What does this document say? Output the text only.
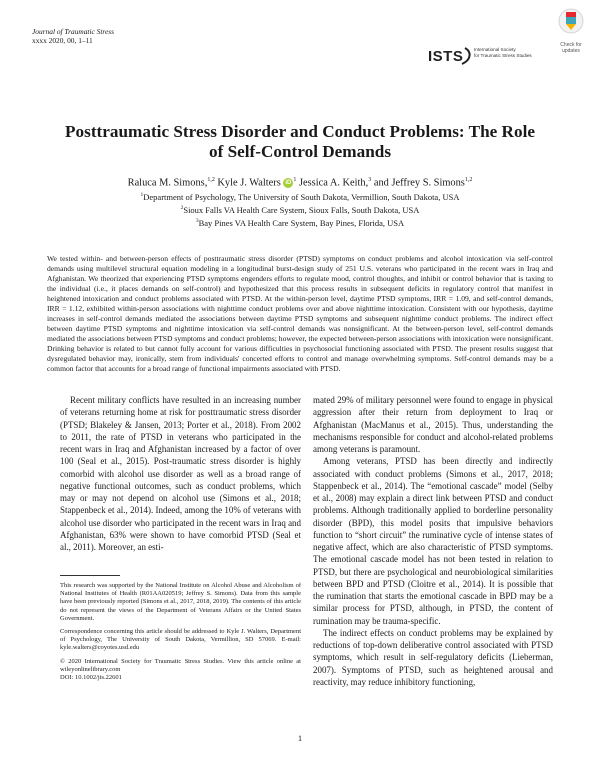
Journal of Traumatic Stress
xxxx 2020, 00, 1–11
ISTS International Society
for Traumatic Stress Studies
Check for
updates
Posttraumatic Stress Disorder and Conduct Problems: The Role
of Self-Control Demands
Raluca M. Simons,$^{1,2}$ Kyle J. Walters $iD^1$ Jessica A. Keith,$^3$ and Jeffrey S. Simons$^{1,2}$
$^1$Department of Psychology, The University of South Dakota, Vermillion, South Dakota, USA
$^2$Sioux Falls VA Health Care System, Sioux Falls, South Dakota, USA
$^3$Bay Pines VA Health Care System, Bay Pines, Florida, USA
We tested within- and between-person effects of posttraumatic stress disorder (PTSD) symptoms on conduct problems and alcohol intoxication via self-control demands using multilevel structural equation modeling in a longitudinal burst-design study of 251 U.S. veterans who participated in the recent wars in Iraq and Afghanistan. We theorized that experiencing PTSD symptoms engenders efforts to regulate mood, control thoughts, and inhibit or control behavior that is taxing to the individual (i.e., it places demands on self-control) and hypothesized that this process results in subsequent deficits in regulatory control that manifest in heightened intoxication and conduct problems associated with PTSD. At the within-person level, daytime PTSD symptoms, IRR = 1.09, and self-control demands, IRR = 1.12, exhibited within-person associations with nighttime conduct problems over and above nighttime intoxication. Consistent with our hypothesis, daytime increases in self-control demands mediated the associations between daytime PTSD symptoms and subsequent nighttime conduct problems. The indirect effect between daytime PTSD symptoms and nighttime intoxication via self-control demands was nonsignificant. At the between-person level, self-control demands mediated the associations between PTSD symptoms and conduct problems; however, the expected between-person associations with intoxication were nonsignificant. Drinking behavior is related to but cannot fully account for various difficulties in psychosocial functioning associated with PTSD. The present results suggest that dysregulated behavior may, ironically, stem from individuals' concerted efforts to control and manage overwhelming symptoms. Self-control demands may be a common factor that accounts for a broad range of functional impairments associated with PTSD.

Recent military conflicts have resulted in an increasing number of veterans returning home at risk for posttraumatic stress disorder (PTSD; Blakeley & Jansen, 2013; Porter et al., 2018). From 2002 to 2011, the rate of PTSD in veterans who participated in the recent wars in Iraq and Afghanistan increased by a factor of over 100 (Seal et al., 2015). Post-traumatic stress disorder is highly comorbid with alcohol use disorder as well as a broad range of negative functional outcomes, such as conduct problems, which may or may not depend on alcohol use (Simons et al., 2018; Stappenbeck et al., 2014). Indeed, among the 10% of veterans with alcohol use disorder who participated in the recent wars in Iraq and Afghanistan, 63% were shown to have comorbid PTSD (Seal et al., 2011). Moreover, an esti-

This research was supported by the National Institute on Alcohol Abuse and Alcoholism of National Institutes of Health (R01AA020519; Jeffrey S. Simons). Data from this sample have been previously reported (Simons et al., 2017, 2018, 2019). The contents of this article do not represent the views of the Department of Veterans Affairs or the United States Government.

Correspondence concerning this article should be addressed to Kyle J. Walters, Department of Psychology, The University of South Dakota, Vermillion, SD 57069. E-mail: kyle.walters@coyotes.usd.edu

© 2020 International Society for Traumatic Stress Studies. View this article online at wileyonlinelibrary.com

DOI: 10.1002/jts.22601

mated 29% of military personnel were found to engage in physical aggression after their return from deployment to Iraq or Afghanistan (MacManus et al., 2015). Thus, understanding the mechanisms responsible for conduct and alcohol-related problems among veterans is paramount.

Among veterans, PTSD has been directly and indirectly associated with conduct problems (Simons et al., 2017, 2018; Stappenbeck et al., 2014). The “emotional cascade” model (Selby et al., 2008) may explain a direct link between PTSD and conduct problems. Although traditionally applied to borderline personality disorder (BPD), this model posits that impulsive behaviors function to “short circuit” the ruminative cycle of intense states of negative affect, which are also characteristic of PTSD symptoms. The emotional cascade model has not been tested in relation to PTSD, but there are psychological and neurobiological similarities between BPD and PTSD (Cloitre et al., 2014). It is possible that the rumination that starts the emotional cascade in BPD may be a similar process for PTSD, although, in PTSD, the content of rumination may be trauma-specific.

The indirect effects on conduct problems may be explained by reductions of top-down deliberative control associated with PTSD symptoms, which result in self-regulatory deficits (Lieberman, 2007). Symptoms of PTSD, such as heightened arousal and reactivity, may reduce inhibitory functioning,

1
